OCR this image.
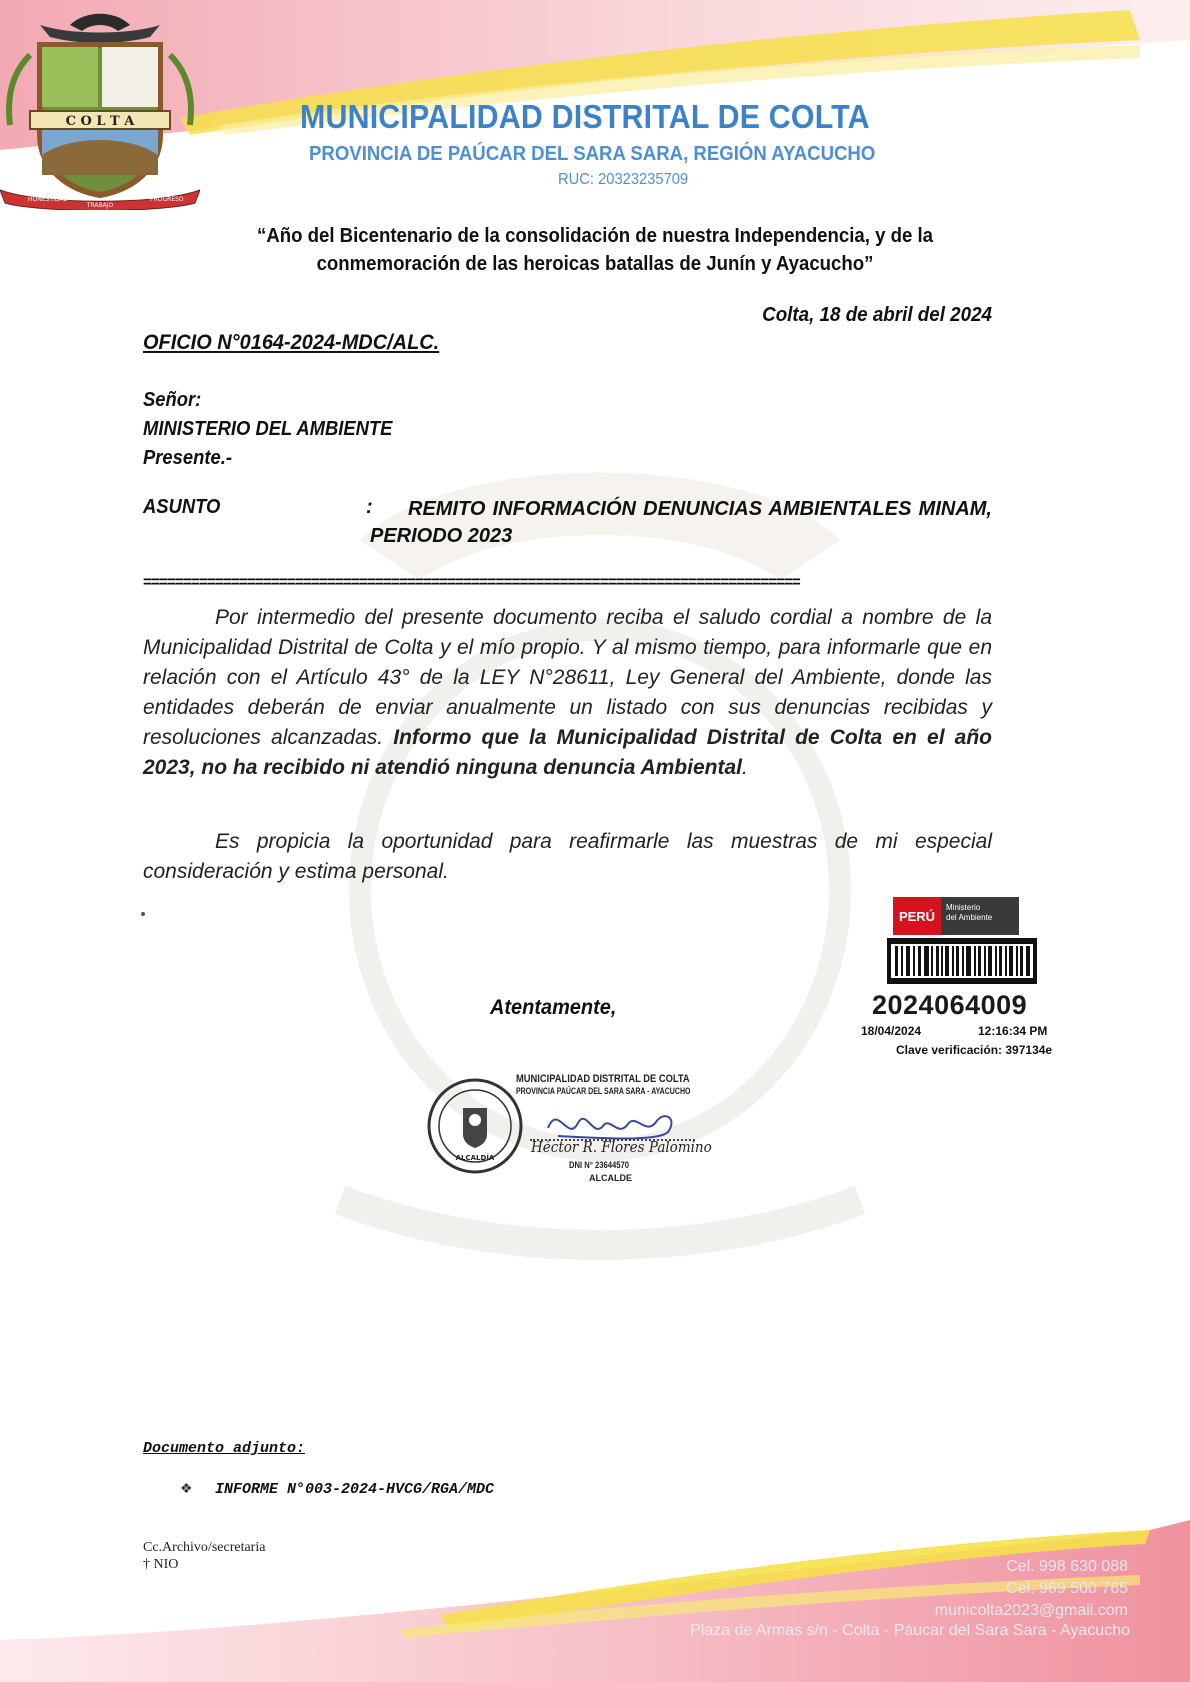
C O L T A
HONESTIDAD
TRABAJO
PROGRESO
MUNICIPALIDAD DISTRITAL DE COLTA
PROVINCIA DE PAÚCAR DEL SARA SARA, REGIÓN AYACUCHO
RUC: 20323235709
“Año del Bicentenario de la consolidación de nuestra Independencia, y de la
conmemoración de las heroicas batallas de Junín y Ayacucho”
Colta, 18 de abril del 2024
OFICIO N°0164-2024-MDC/ALC.
Señor:
MINISTERIO DEL AMBIENTE
Presente.-
ASUNTO	:	REMITO INFORMACIÓN DENUNCIAS AMBIENTALES MINAM, PERIODO 2023
==================================================================================
Por intermedio del presente documento reciba el saludo cordial a nombre de la Municipalidad Distrital de Colta y el mío propio. Y al mismo tiempo, para informarle que en relación con el Artículo 43° de la LEY N°28611, Ley General del Ambiente, donde las entidades deberán de enviar anualmente un listado con sus denuncias recibidas y resoluciones alcanzadas. Informo que la Municipalidad Distrital de Colta en el año 2023, no ha recibido ni atendió ninguna denuncia Ambiental.
Es propicia la oportunidad para reafirmarle las muestras de mi especial consideración y estima personal.
PERÚ
Ministerio
del Ambiente
2024064009
18/04/2024	12:16:34 PM
Clave verificación: 397134e
Atentamente,
ALCALDÍA
MUNICIPALIDAD DISTRITAL DE COLTA
PROVINCIA PAÚCAR DEL SARA SARA - AYACUCHO
Héctor R. Flores Palomino
DNI N° 23644570
ALCALDE
Documento adjunto:
❖ INFORME N°003-2024-HVCG/RGA/MDC
Cc.Archivo/secretaria
† NIO	Cel. 998 630 088
Cel. 969 500 765
municolta2023@gmail.com
Plaza de Armas s/n - Colta - Páucar del Sara Sara - Ayacucho
